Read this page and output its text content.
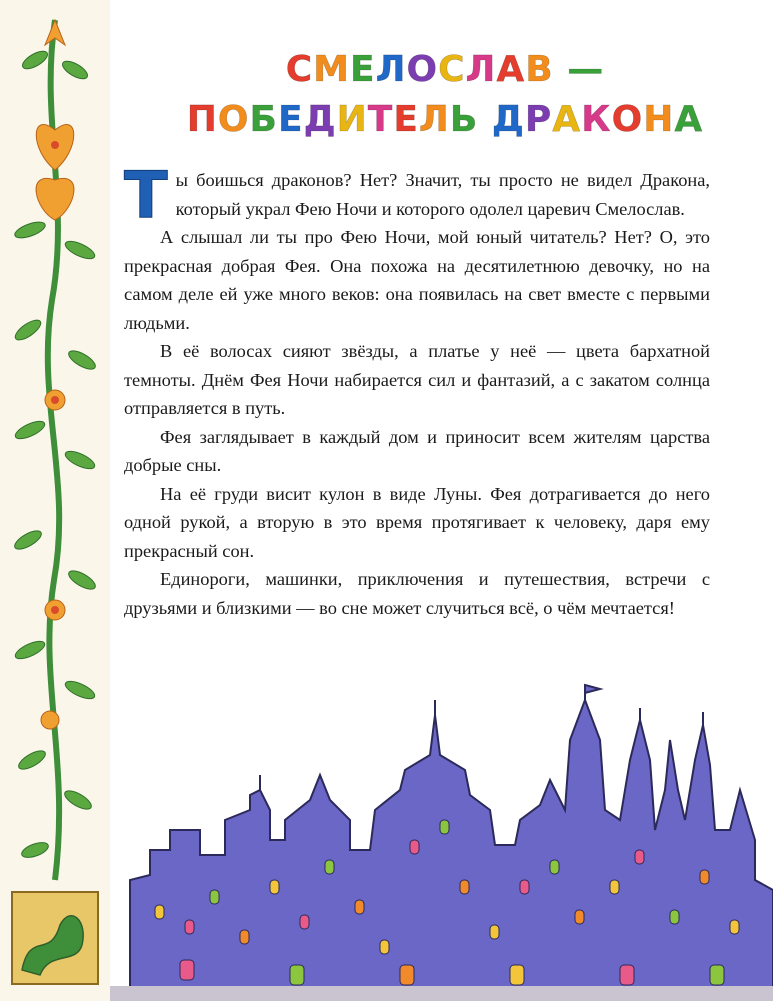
СМЕЛОСЛАВ —
ПОБЕДИТЕЛЬ ДРАКОНА

Ты боишься драконов? Нет? Значит, ты просто не видел Дракона, который украл Фею Ночи и которого одолел царевич Смелослав.

А слышал ли ты про Фею Ночи, мой юный читатель? Нет? О, это прекрасная добрая Фея. Она похожа на десятилетнюю девочку, но на самом деле ей уже много веков: она появилась на свет вместе с первыми людьми.

В её волосах сияют звёзды, а платье у неё — цвета бархатной темноты. Днём Фея Ночи набирается сил и фантазий, а с закатом солнца отправляется в путь.

Фея заглядывает в каждый дом и приносит всем жителям царства добрые сны.

На её груди висит кулон в виде Луны. Фея дотрагивается до него одной рукой, а вторую в это время протягивает к человеку, даря ему прекрасный сон.

Единороги, машинки, приключения и путешествия, встречи с друзьями и близкими — во сне может случиться всё, о чём мечтается!
